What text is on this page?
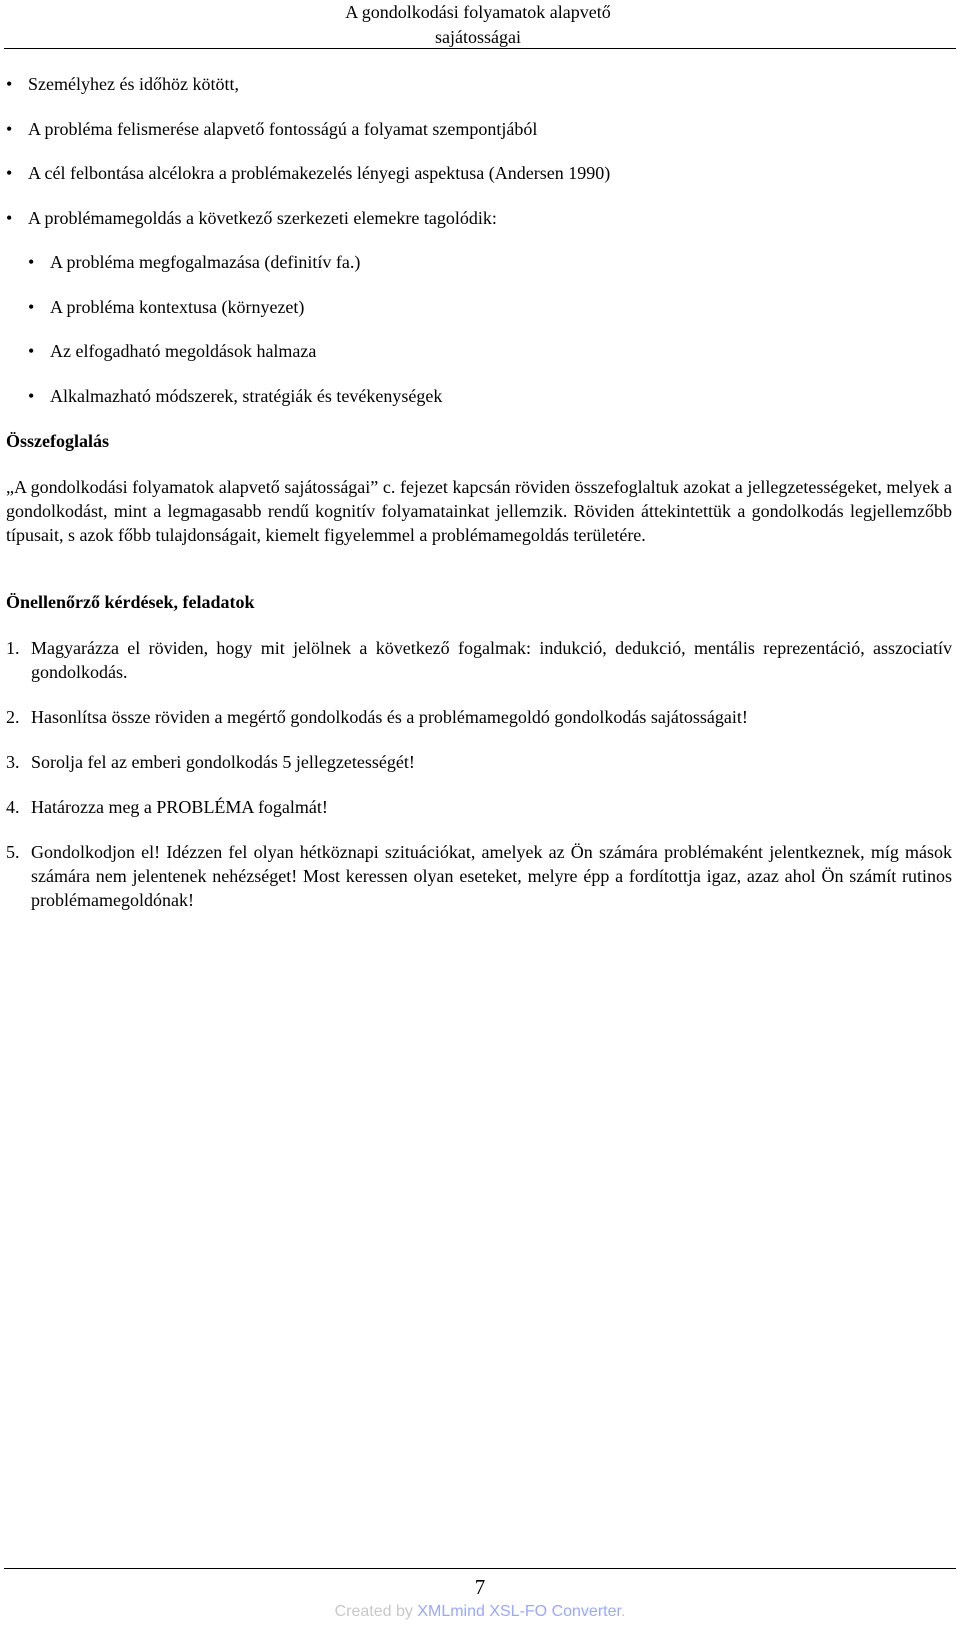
A gondolkodási folyamatok alapvető
sajátosságai
• Személyhez és időhöz kötött,
• A probléma felismerése alapvető fontosságú a folyamat szempontjából
• A cél felbontása alcélokra a problémakezelés lényegi aspektusa (Andersen 1990)
• A problémamegoldás a következő szerkezeti elemekre tagolódik:
• A probléma megfogalmazása (definitív fa.)
• A probléma kontextusa (környezet)
• Az elfogadható megoldások halmaza
• Alkalmazható módszerek, stratégiák és tevékenységek
Összefoglalás
„A gondolkodási folyamatok alapvető sajátosságai” c. fejezet kapcsán röviden összefoglaltuk azokat a jellegzetességeket, melyek a gondolkodást, mint a legmagasabb rendű kognitív folyamatainkat jellemzik. Röviden áttekintettük a gondolkodás legjellemzőbb típusait, s azok főbb tulajdonságait, kiemelt figyelemmel a problémamegoldás területére.
Önellenőrző kérdések, feladatok
1. Magyarázza el röviden, hogy mit jelölnek a következő fogalmak: indukció, dedukció, mentális reprezentáció, asszociatív gondolkodás.
2. Hasonlítsa össze röviden a megértő gondolkodás és a problémamegoldó gondolkodás sajátosságait!
3. Sorolja fel az emberi gondolkodás 5 jellegzetességét!
4. Határozza meg a PROBLÉMA fogalmát!
5. Gondolkodjon el! Idézzen fel olyan hétköznapi szituációkat, amelyek az Ön számára problémaként jelentkeznek, míg mások számára nem jelentenek nehézséget! Most keressen olyan eseteket, melyre épp a fordítottja igaz, azaz ahol Ön számít rutinos problémamegoldónak!
7
Created by XMLmind XSL-FO Converter.
